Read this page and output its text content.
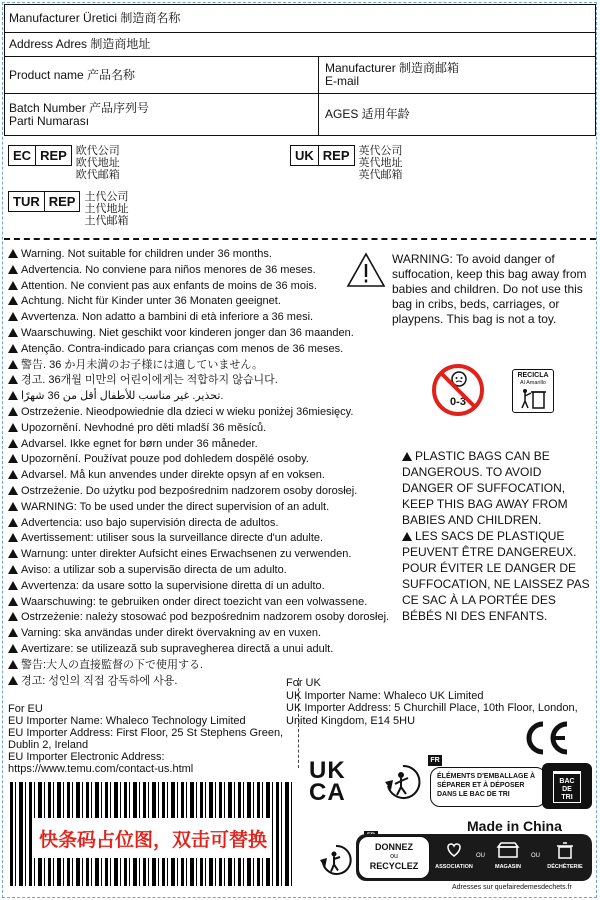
Manufacturer Üretici 制造商名称
Address Adres 制造商地址
Product name 产品名称	Manufacturer 制造商邮箱
E-mail
Batch Number 产品序列号
Parti Numarası	AGES 适用年龄
EC REP 欧代公司
欧代地址
欧代邮箱
UK REP 英代公司
英代地址
英代邮箱
TUR REP 土代公司
土代地址
土代邮箱
Warning. Not suitable for children under 36 months.
Advertencia. No conviene para niños menores de 36 meses.
Attention. Ne convient pas aux enfants de moins de 36 mois.
Achtung. Nicht für Kinder unter 36 Monaten geeignet.
Avvertenza. Non adatto a bambini di età inferiore a 36 mesi.
Waarschuwing. Niet geschikt voor kinderen jonger dan 36 maanden.
Atenção. Contra-indicado para crianças com menos de 36 meses.
警告. 36 か月未満のお子様には適していません。
경고. 36개월 미만의 어린이에게는 적합하지 않습니다.
تحذير. غير مناسب للأطفال أقل من 36 شهرًا.
Ostrzeżenie. Nieodpowiednie dla dzieci w wieku poniżej 36miesięcy.
Upozornění. Nevhodné pro děti mladší 36 měsíců.
Advarsel. Ikke egnet for børn under 36 måneder.
Upozornění. Používat pouze pod dohledem dospělé osoby.
Advarsel. Må kun anvendes under direkte opsyn af en voksen.
Ostrzeżenie. Do użytku pod bezpośrednim nadzorem osoby dorosłej.
WARNING: To be used under the direct supervision of an adult.
Advertencia: uso bajo supervisión directa de adultos.
Avertissement: utiliser sous la surveillance directe d'un adulte.
Warnung: unter direkter Aufsicht eines Erwachsenen zu verwenden.
Aviso: a utilizar sob a supervisão directa de um adulto.
Avvertenza: da usare sotto la supervisione diretta di un adulto.
Waarschuwing: te gebruiken onder direct toezicht van een volwassene.
Ostrzeżenie: należy stosować pod bezpośrednim nadzorem osoby dorosłej.
Varning: ska användas under direkt övervakning av en vuxen.
Avertizare: se utilizează sub supravegherea directă a unui adult.
警告:大人の直接監督の下で使用する.
경고: 성인의 직접 감독하에 사용.
WARNING: To avoid danger of suffocation, keep this bag away from babies and children. Do not use this bag in cribs, beds, carriages, or playpens. This bag is not a toy.
0-3
RECICLA
Al Amarillo
PLASTIC BAGS CAN BE DANGEROUS. TO AVOID DANGER OF SUFFOCATION, KEEP THIS BAG AWAY FROM BABIES AND CHILDREN.
LES SACS DE PLASTIQUE PEUVENT ÊTRE DANGEREUX. POUR ÉVITER LE DANGER DE SUFFOCATION, NE LAISSEZ PAS CE SAC À LA PORTÉE DES BÉBÉS NI DES ENFANTS.
For UK
UK Importer Name: Whaleco UK Limited
UK Importer Address: 5 Churchill Place, 10th Floor, London, United Kingdom, E14 5HU
For EU
EU Importer Name: Whaleco Technology Limited
EU Importer Address: First Floor, 25 St Stephens Green, Dublin 2, Ireland
EU Importer Electronic Address:
https://www.temu.com/contact-us.html	UK
CA
FR
ÉLÉMENTS D'EMBALLAGE À SÉPARER ET À DÉPOSER DANS LE BAC DE TRI
BAC
DE
TRI
Made in China
快条码占位图，双击可替换	DONNEZ
ou
RECYCLEZ	ASSOCIATION
OU
MAGASIN
OU
DÉCHÈTERIE
Adresses sur quefairedemesdechets.fr
